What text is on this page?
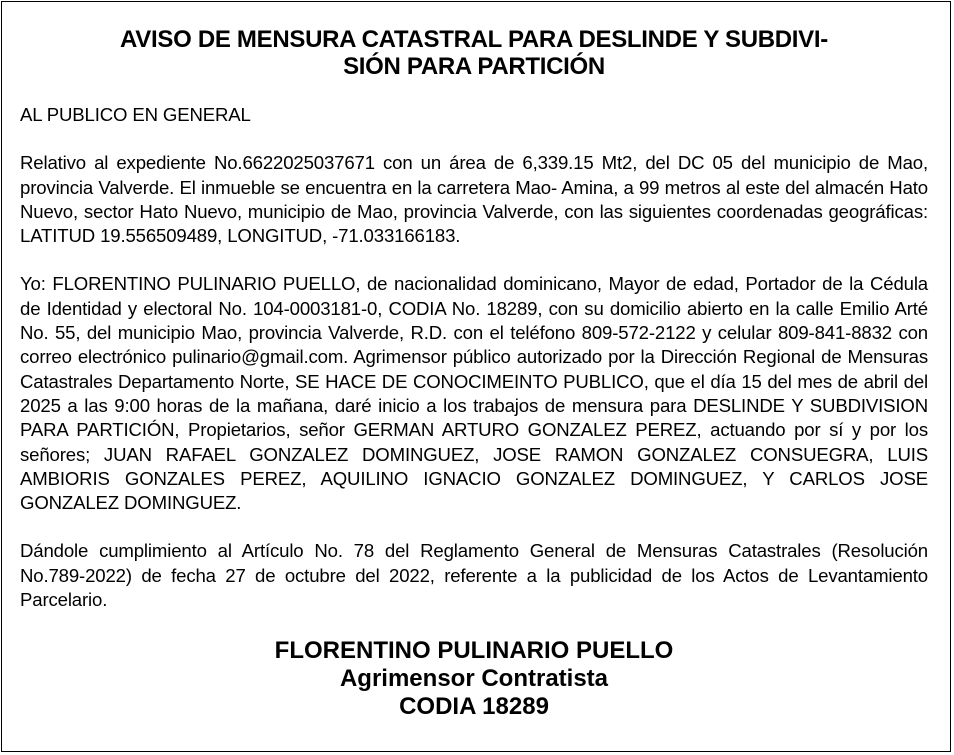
AVISO DE MENSURA CATASTRAL PARA DESLINDE Y SUBDIVI-
SIÓN PARA PARTICIÓN

AL PUBLICO EN GENERAL

Relativo al expediente No.6622025037671 con un área de 6,339.15 Mt2, del DC 05 del municipio de Mao, provincia Valverde. El inmueble se encuentra en la carretera Mao- Amina, a 99 metros al este del almacén Hato Nuevo, sector Hato Nuevo, municipio de Mao, provincia Valverde, con las siguientes coordenadas geográficas: LATITUD 19.556509489, LONGITUD, -71.033166183.

Yo: FLORENTINO PULINARIO PUELLO, de nacionalidad dominicano, Mayor de edad, Portador de la Cédula de Identidad y electoral No. 104-0003181-0, CODIA No. 18289, con su domicilio abierto en la calle Emilio Arté No. 55, del municipio Mao, provincia Valverde, R.D. con el teléfono 809-572-2122 y celular 809-841-8832 con correo electrónico pulinario@gmail.com. Agrimensor público autorizado por la Dirección Regional de Mensuras Catastrales Departamento Norte, SE HACE DE CONOCIMEINTO PUBLICO, que el día 15 del mes de abril del 2025 a las 9:00 horas de la mañana, daré inicio a los trabajos de mensura para DESLINDE Y SUBDIVISION PARA PARTICIÓN, Propietarios, señor GERMAN ARTURO GONZALEZ PEREZ, actuando por sí y por los señores; JUAN RAFAEL GONZALEZ DOMINGUEZ, JOSE RAMON GONZALEZ CONSUEGRA, LUIS AMBIORIS GONZALES PEREZ, AQUILINO IGNACIO GONZALEZ DOMINGUEZ, Y CARLOS JOSE GONZALEZ DOMINGUEZ.

Dándole cumplimiento al Artículo No. 78 del Reglamento General de Mensuras Catastrales (Resolución No.789-2022) de fecha 27 de octubre del 2022, referente a la publicidad de los Actos de Levantamiento Parcelario.

FLORENTINO PULINARIO PUELLO
Agrimensor Contratista
CODIA 18289
